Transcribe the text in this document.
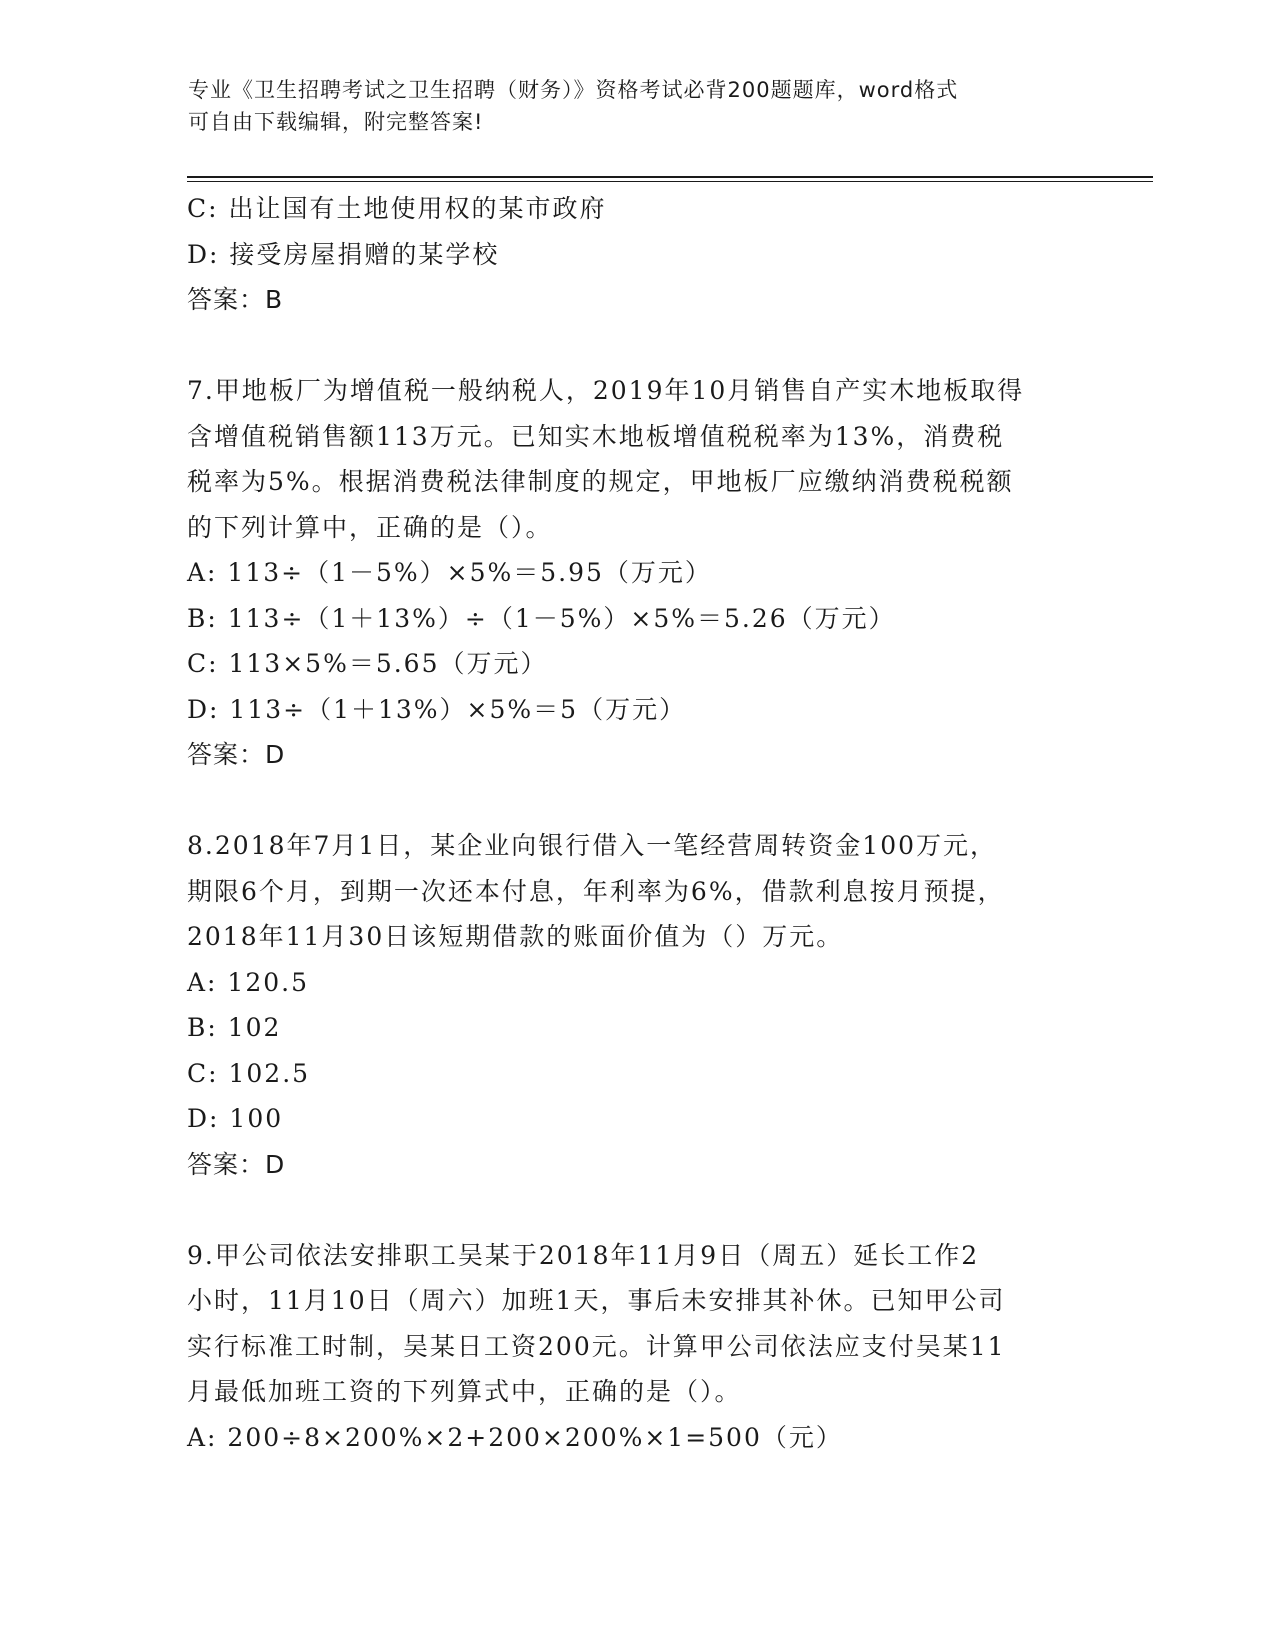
专业《卫生招聘考试之卫生招聘（财务）》资格考试必背200题题库，word格式
可自由下载编辑，附完整答案!
C: 出让国有土地使用权的某市政府
D: 接受房屋捐赠的某学校
答案：B
7.甲地板厂为增值税一般纳税人，2019年10月销售自产实木地板取得
含增值税销售额113万元。已知实木地板增值税税率为13%，消费税
税率为5%。根据消费税法律制度的规定，甲地板厂应缴纳消费税税额
的下列计算中，正确的是（）。
A: 113÷（1－5%）×5%＝5.95（万元）
B: 113÷（1＋13%）÷（1－5%）×5%＝5.26（万元）
C: 113×5%＝5.65（万元）
D: 113÷（1＋13%）×5%＝5（万元）
答案：D
8.2018年7月1日，某企业向银行借入一笔经营周转资金100万元，
期限6个月，到期一次还本付息，年利率为6%，借款利息按月预提，
2018年11月30日该短期借款的账面价值为（）万元。
A: 120.5
B: 102
C: 102.5
D: 100
答案：D
9.甲公司依法安排职工吴某于2018年11月9日（周五）延长工作2
小时，11月10日（周六）加班1天，事后未安排其补休。已知甲公司
实行标准工时制，吴某日工资200元。计算甲公司依法应支付吴某11
月最低加班工资的下列算式中，正确的是（）。
A: 200÷8×200%×2+200×200%×1=500（元）
